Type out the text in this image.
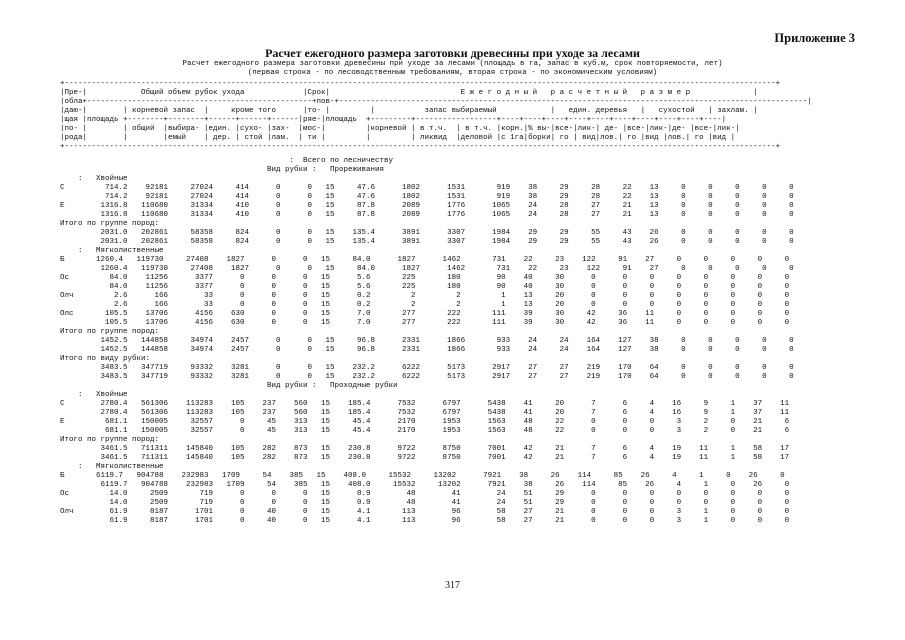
Приложение 3
Расчет ежегодного размера заготовки древесины при уходе за лесами
Расчет ежегодного размера заготовки древесины при уходе за лесами (площадь в га, запас в куб.м, срок повторяемости, лет)
(первая строка - по лесоводственным требованиям, вторая строка - по экономическим условиям)
+--------------------------------------------------------------------------------------------------------------------------------------------------------------+
|Пре-|            Общий объем рубок ухода             |Срок|                             Е ж е г о д н ы й   р а с ч е т н ы й   р а з м е р              |
|обла+--------------------------------------------------+пов-+--------------------------------------------------------------------------------------------------------|
|даю-|        | корневой запас  |     кроме того      |то- |         |           запас выбираемый            |   един. деревья   |   сухостой   | захлам. |
|щая |площадь +--------+--------+------+------+------|ряе-|площадь  +---------+------------------+----+----+----+----+----+----+----+----+----+----|
|по- |        | общий  |выбира- |един. |сухо- |зах-  |мос-|         |корневой | в т.ч.  | в т.ч. |корн.|% вы-|все-|лик-| де- |все-|лик-|де- |все-|лик-|
|рода|        |        |емый    | дер. | стой |лам.  | ти |         |         | ликвид  |деловой |с 1га|борки| го | вид|лов.| го |вид |лов.| го |вид |
+--------------------------------------------------------------------------------------------------------------------------------------------------------------+
:  Всего по лесничеству
Вид рубки :   Прореживания
:   Хвойные
С         714.2    92181     27024     414      0      0   15     47.6      1802      1531       919    38     29     28     22    13     0     0     0     0     0
714.2    92181     27024     414      0      0   15     47.6      1802      1531       919    38     29     28     22    13     0     0     0     0     0
Е        1316.8   110680     31334     410      0      0   15     87.8      2089      1776      1065    24     28     27     21    13     0     0     0     0     0
1316.8   110680     31334     410      0      0   15     87.8      2089      1776      1065    24     28     27     21    13     0     0     0     0     0
Итого по группе пород:
2031.0   202861     58358     824      0      0   15    135.4      3891      3307      1984    29     29     55     43    26     0     0     0     0     0
2031.0   202861     58358     824      0      0   15    135.4      3891      3307      1984    29     29     55     43    26     0     0     0     0     0
:   Мягколиственные
Б       1260.4   119730     27408    1827      0      0   15     84.0      1827      1462       731    22     23    122     91    27     0     0     0     0     0
1260.4   119730     27408    1827      0      0   15     84.0      1827      1462       731    22     23    122     91    27     0     0     0     0     0
Ос         84.0    11256      3377      0      0      0   15      5.6       225       180        90    40     30      0      0     0     0     0     0     0     0
84.0    11256      3377      0      0      0   15      5.6       225       180        90    40     30      0      0     0     0     0     0     0     0
Олч         2.6      166        33      0      0      0   15      0.2         2         2         1    13     20      0      0     0     0     0     0     0     0
2.6      166        33      0      0      0   15      0.2         2         2         1    13     20      0      0     0     0     0     0     0     0
Олс       105.5    13706      4156    630      0      0   15      7.0       277       222       111    39     30     42     36    11     0     0     0     0     0
105.5    13706      4156    630      0      0   15      7.0       277       222       111    39     30     42     36    11     0     0     0     0     0
Итого по группе пород:
1452.5   144858     34974    2457      0      0   15     96.8      2331      1866       933    24     24    164    127    38     0     0     0     0     0
1452.5   144858     34974    2457      0      0   15     96.8      2331      1866       933    24     24    164    127    38     0     0     0     0     0
Итого по виду рубки:
3483.5   347719     93332    3281      0      0   15    232.2      6222      5173      2917    27     27    219    170    64     0     0     0     0     0
3483.5   347719     93332    3281      0      0   15    232.2      6222      5173      2917    27     27    219    170    64     0     0     0     0     0
Вид рубки :   Проходные рубки
:   Хвойные
С        2780.4   561306    113283    105    237    560   15    185.4      7532      6797      5438    41     20      7      6     4    16     9     1    37    11
2780.4   561306    113283    105    237    560   15    185.4      7532      6797      5438    41     20      7      6     4    16     9     1    37    11
Е         681.1   150005     32557      0     45    313   15     45.4      2170      1953      1563    48     22      0      0     0     3     2     0    21     6
681.1   150005     32557      0     45    313   15     45.4      2170      1953      1563    48     22      0      0     0     3     2     0    21     6
Итого по группе пород:
3461.5   711311    145840    105    282    873   15    230.8      9722      8750      7001    42     21      7      6     4    19    11     1    58    17
3461.5   711311    145840    105    282    873   15    230.8      9722      8750      7001    42     21      7      6     4    19    11     1    58    17
:   Мягколиственные
Б       6119.7   904788    232983   1709     54    385   15    408.0     15532     13202      7921    38     26    114     85    26     4     1     0    26     0
6119.7   904788    232983   1709     54    385   15    408.0     15532     13202      7921    38     26    114     85    26     4     1     0    26     0
Ос         14.0     2509       719      0      0      0   15      0.9        48        41        24    51     29      0      0     0     0     0     0     0     0
14.0     2509       719      0      0      0   15      0.9        48        41        24    51     29      0      0     0     0     0     0     0     0
Олч        61.9     8187      1701      0     40      0   15      4.1       113        96        58    27     21      0      0     0     3     1     0     0     0
61.9     8187      1701      0     40      0   15      4.1       113        96        58    27     21      0      0     0     3     1     0     0     0
317
